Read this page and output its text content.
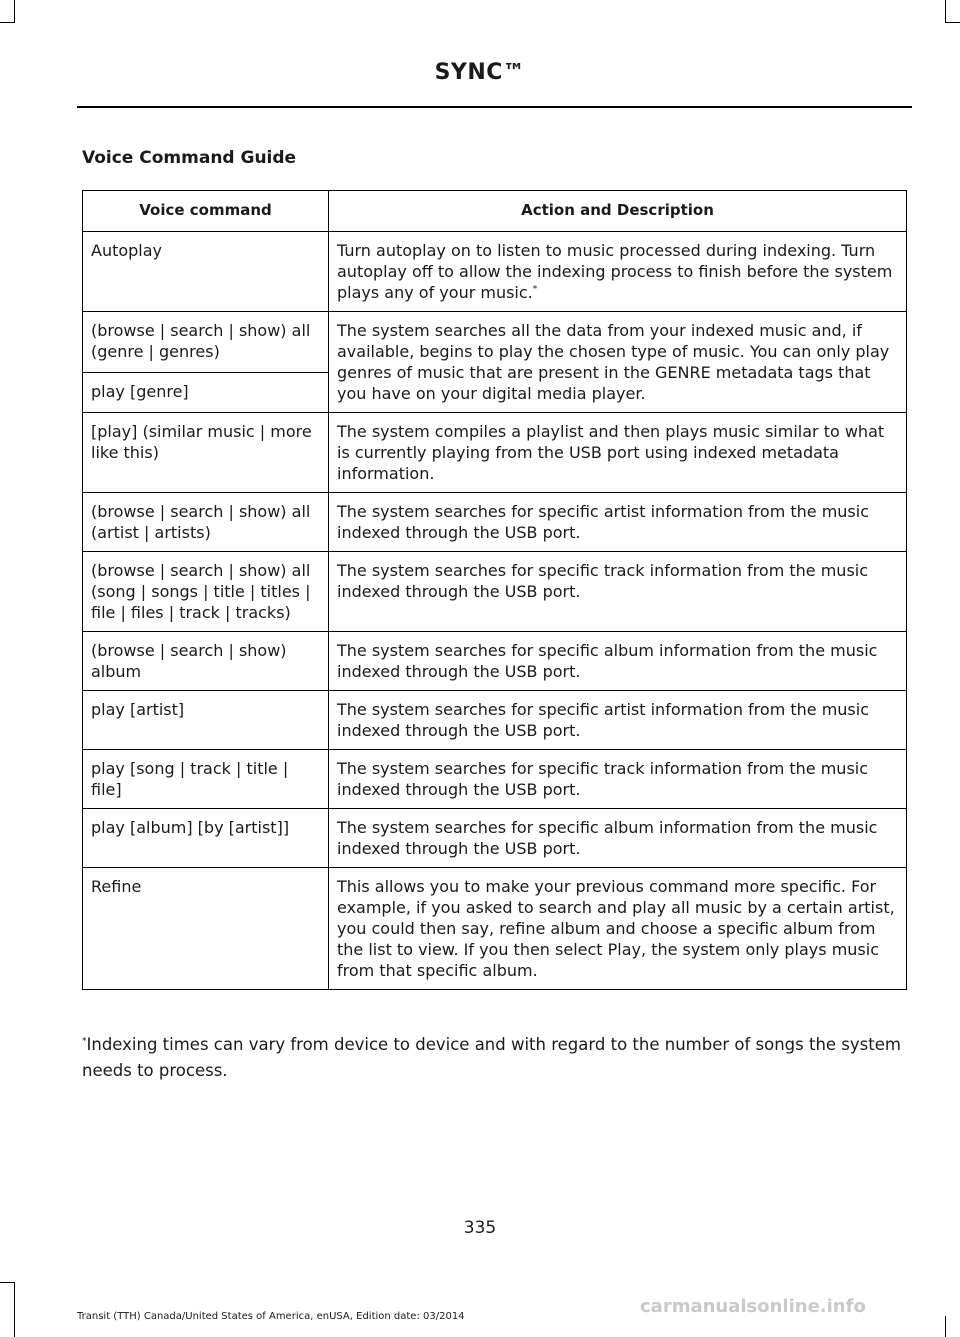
SYNC™
Voice Command Guide
Voice command	Action and Description
Autoplay	Turn autoplay on to listen to music processed during indexing. Turn autoplay off to allow the indexing process to finish before the system plays any of your music.*
(browse | search | show) all (genre | genres)	The system searches all the data from your indexed music and, if available, begins to play the chosen type of music. You can only play genres of music that are present in the GENRE metadata tags that you have on your digital media player.
play [genre]	
[play] (similar music | more like this)	The system compiles a playlist and then plays music similar to what is currently playing from the USB port using indexed metadata information.
(browse | search | show) all (artist | artists)	The system searches for specific artist information from the music indexed through the USB port.
(browse | search | show) all (song | songs | title | titles | file | files | track | tracks)	The system searches for specific track information from the music indexed through the USB port.
(browse | search | show) album	The system searches for specific album information from the music indexed through the USB port.
play [artist]	The system searches for specific artist information from the music indexed through the USB port.
play [song | track | title | file]	The system searches for specific track information from the music indexed through the USB port.
play [album] [by [artist]]	The system searches for specific album information from the music indexed through the USB port.
Refine	This allows you to make your previous command more specific. For example, if you asked to search and play all music by a certain artist, you could then say, refine album and choose a specific album from the list to view. If you then select Play, the system only plays music from that specific album.
*Indexing times can vary from device to device and with regard to the number of songs the system needs to process.
335
Transit (TTH) Canada/United States of America, enUSA, Edition date: 03/2014	carmanualsonline.info
